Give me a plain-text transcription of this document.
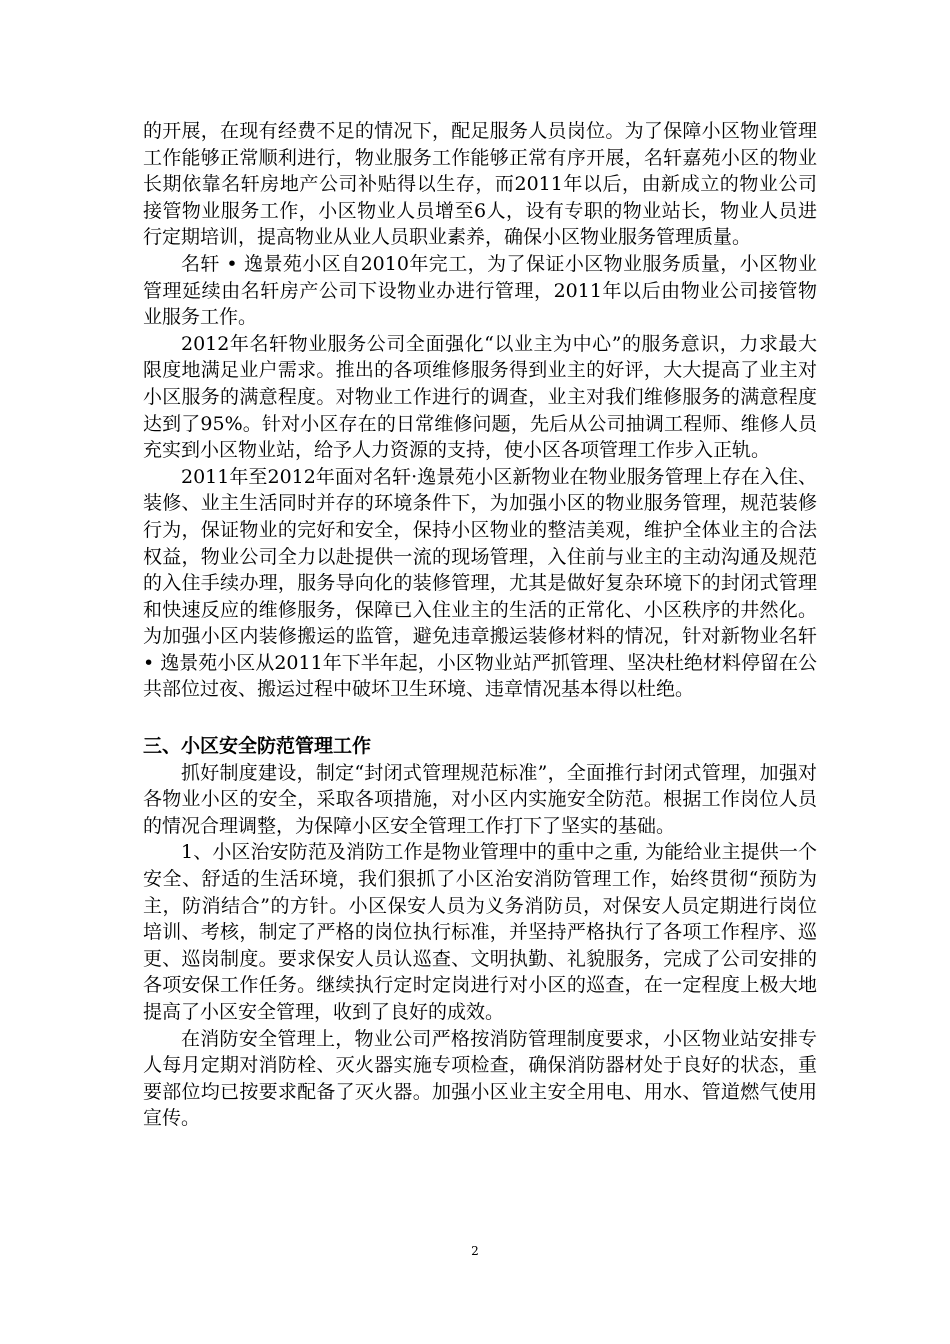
的开展，在现有经费不足的情况下，配足服务人员岗位。为了保障小区物业管理工作能够正常顺利进行，物业服务工作能够正常有序开展，名轩嘉苑小区的物业长期依靠名轩房地产公司补贴得以生存，而2011年以后，由新成立的物业公司接管物业服务工作，小区物业人员增至6人，设有专职的物业站长，物业人员进行定期培训，提高物业从业人员职业素养，确保小区物业服务管理质量。

名轩 • 逸景苑小区自2010年完工，为了保证小区物业服务质量，小区物业管理延续由名轩房产公司下设物业办进行管理，2011年以后由物业公司接管物业服务工作。

2012年名轩物业服务公司全面强化“以业主为中心”的服务意识，力求最大限度地满足业户需求。推出的各项维修服务得到业主的好评，大大提高了业主对小区服务的满意程度。对物业工作进行的调查，业主对我们维修服务的满意程度达到了95%。针对小区存在的日常维修问题，先后从公司抽调工程师、维修人员充实到小区物业站，给予人力资源的支持，使小区各项管理工作步入正轨。

2011年至2012年面对名轩·逸景苑小区新物业在物业服务管理上存在入住、装修、业主生活同时并存的环境条件下，为加强小区的物业服务管理，规范装修行为，保证物业的完好和安全，保持小区物业的整洁美观，维护全体业主的合法权益，物业公司全力以赴提供一流的现场管理，入住前与业主的主动沟通及规范的入住手续办理，服务导向化的装修管理，尤其是做好复杂环境下的封闭式管理和快速反应的维修服务，保障已入住业主的生活的正常化、小区秩序的井然化。为加强小区内装修搬运的监管，避免违章搬运装修材料的情况，针对新物业名轩 • 逸景苑小区从2011年下半年起，小区物业站严抓管理、坚决杜绝材料停留在公共部位过夜、搬运过程中破坏卫生环境、违章情况基本得以杜绝。

三、小区安全防范管理工作

抓好制度建设，制定“封闭式管理规范标准”，全面推行封闭式管理，加强对各物业小区的安全，采取各项措施，对小区内实施安全防范。根据工作岗位人员的情况合理调整，为保障小区安全管理工作打下了坚实的基础。

1、小区治安防范及消防工作是物业管理中的重中之重, 为能给业主提供一个安全、舒适的生活环境，我们狠抓了小区治安消防管理工作，始终贯彻“预防为主，防消结合”的方针。小区保安人员为义务消防员，对保安人员定期进行岗位培训、考核，制定了严格的岗位执行标准，并坚持严格执行了各项工作程序、巡更、巡岗制度。要求保安人员认巡查、文明执勤、礼貌服务，完成了公司安排的各项安保工作任务。继续执行定时定岗进行对小区的巡查，在一定程度上极大地提高了小区安全管理，收到了良好的成效。

在消防安全管理上，物业公司严格按消防管理制度要求，小区物业站安排专人每月定期对消防栓、灭火器实施专项检查，确保消防器材处于良好的状态，重要部位均已按要求配备了灭火器。加强小区业主安全用电、用水、管道燃气使用宣传。

2
